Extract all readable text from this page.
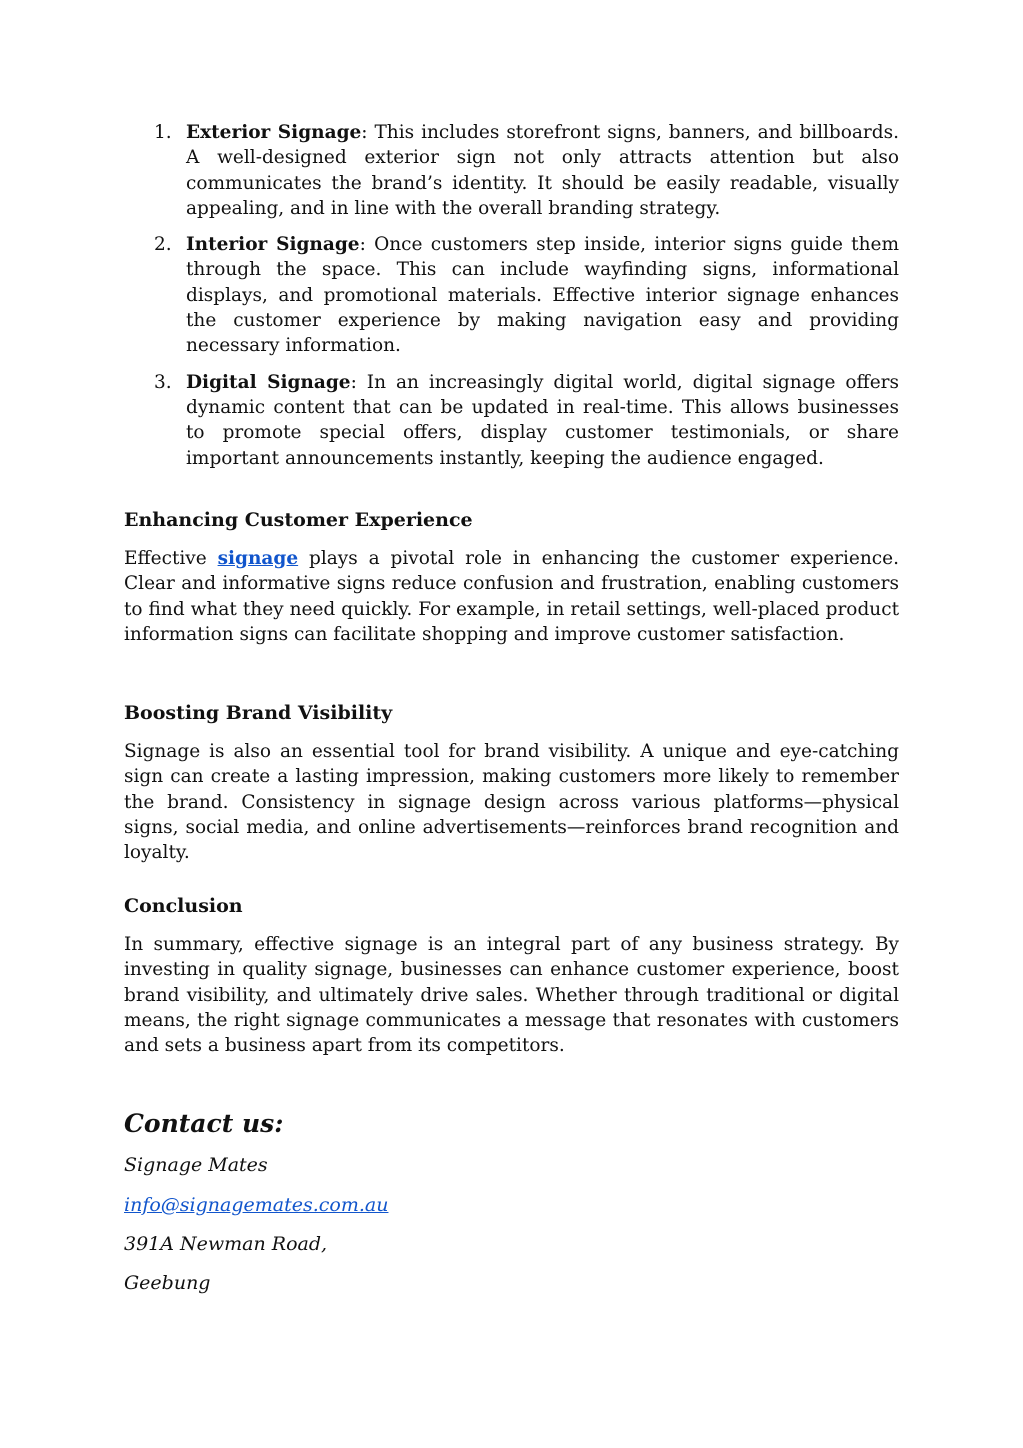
1. Exterior Signage: This includes storefront signs, banners, and billboards. A well-designed exterior sign not only attracts attention but also communicates the brand’s identity. It should be easily readable, visually appealing, and in line with the overall branding strategy.
2. Interior Signage: Once customers step inside, interior signs guide them through the space. This can include wayfinding signs, informational displays, and promotional materials. Effective interior signage enhances the customer experience by making navigation easy and providing necessary information.
3. Digital Signage: In an increasingly digital world, digital signage offers dynamic content that can be updated in real-time. This allows businesses to promote special offers, display customer testimonials, or share important announcements instantly, keeping the audience engaged.
Enhancing Customer Experience

Effective signage plays a pivotal role in enhancing the customer experience. Clear and informative signs reduce confusion and frustration, enabling customers to find what they need quickly. For example, in retail settings, well-placed product information signs can facilitate shopping and improve customer satisfaction.

Boosting Brand Visibility

Signage is also an essential tool for brand visibility. A unique and eye-catching sign can create a lasting impression, making customers more likely to remember the brand. Consistency in signage design across various platforms—physical signs, social media, and online advertisements—reinforces brand recognition and loyalty.

Conclusion

In summary, effective signage is an integral part of any business strategy. By investing in quality signage, businesses can enhance customer experience, boost brand visibility, and ultimately drive sales. Whether through traditional or digital means, the right signage communicates a message that resonates with customers and sets a business apart from its competitors.

Contact us:

Signage Mates

info@signagemates.com.au

391A Newman Road,

Geebung
